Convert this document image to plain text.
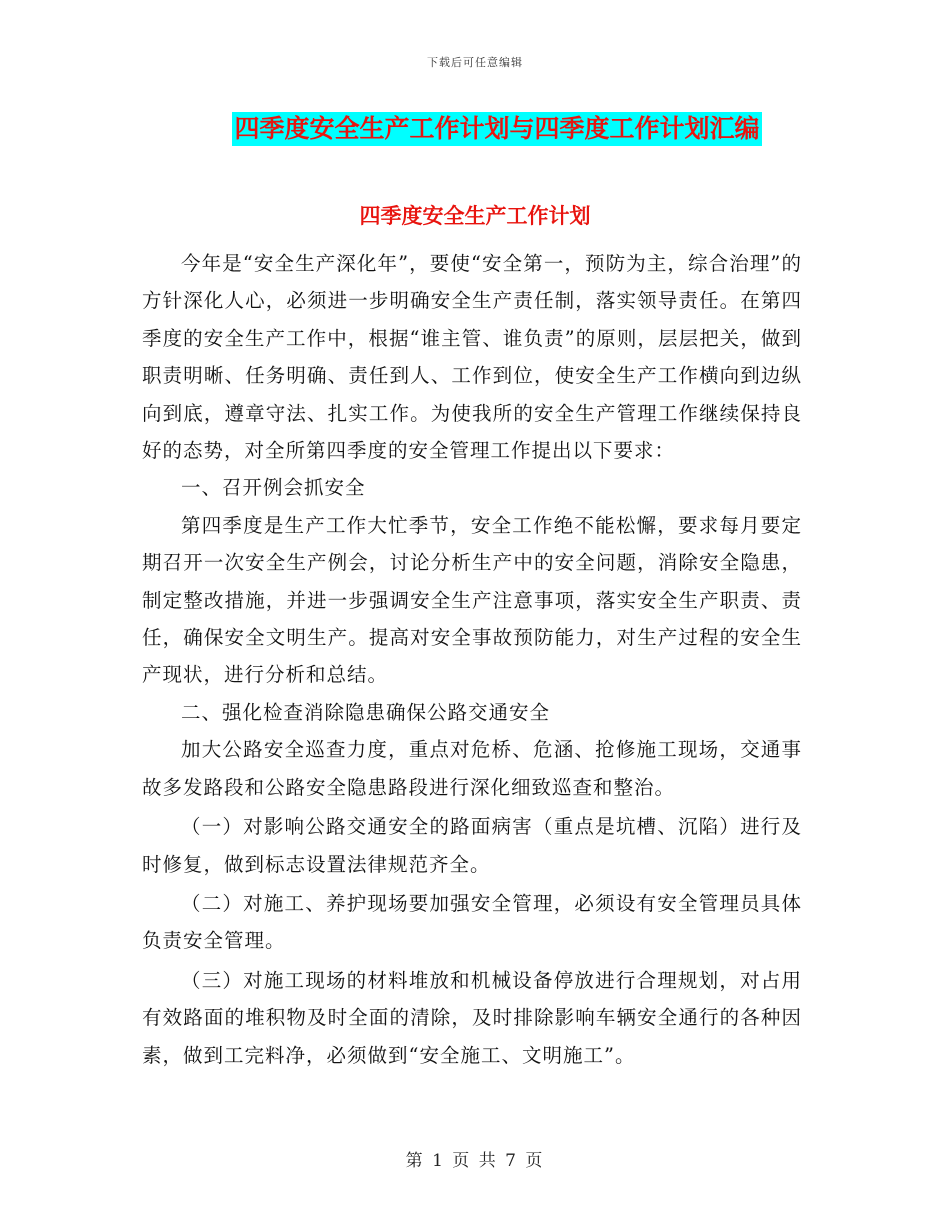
下载后可任意编辑
四季度安全生产工作计划与四季度工作计划汇编
四季度安全生产工作计划

今年是“安全生产深化年”，要使“安全第一，预防为主，综合治理”的方针深化人心，必须进一步明确安全生产责任制，落实领导责任。在第四季度的安全生产工作中，根据“谁主管、谁负责”的原则，层层把关，做到职责明晰、任务明确、责任到人、工作到位，使安全生产工作横向到边纵向到底，遵章守法、扎实工作。为使我所的安全生产管理工作继续保持良好的态势，对全所第四季度的安全管理工作提出以下要求：

一、召开例会抓安全

第四季度是生产工作大忙季节，安全工作绝不能松懈，要求每月要定期召开一次安全生产例会，讨论分析生产中的安全问题，消除安全隐患，制定整改措施，并进一步强调安全生产注意事项，落实安全生产职责、责任，确保安全文明生产。提高对安全事故预防能力，对生产过程的安全生产现状，进行分析和总结。

二、强化检查消除隐患确保公路交通安全

加大公路安全巡查力度，重点对危桥、危涵、抢修施工现场，交通事故多发路段和公路安全隐患路段进行深化细致巡查和整治。

（一）对影响公路交通安全的路面病害（重点是坑槽、沉陷）进行及时修复，做到标志设置法律规范齐全。

（二）对施工、养护现场要加强安全管理，必须设有安全管理员具体负责安全管理。

（三）对施工现场的材料堆放和机械设备停放进行合理规划，对占用有效路面的堆积物及时全面的清除，及时排除影响车辆安全通行的各种因素，做到工完料净，必须做到“安全施工、文明施工”。

第 1 页 共 7 页
